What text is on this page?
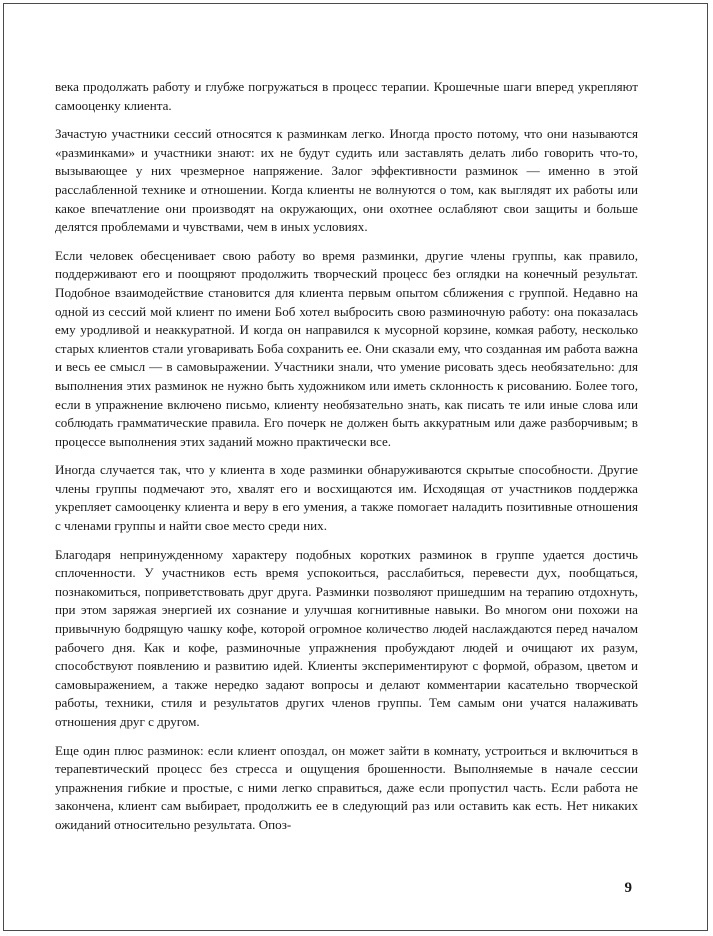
века продолжать работу и глубже погружаться в процесс терапии. Крошечные шаги вперед укрепляют самооценку клиента.

Зачастую участники сессий относятся к разминкам легко. Иногда просто потому, что они называются «разминками» и участники знают: их не будут судить или заставлять делать либо говорить что-то, вызывающее у них чрезмерное напряжение. Залог эффективности разминок — именно в этой расслабленной технике и отношении. Когда клиенты не волнуются о том, как выглядят их работы или какое впечатление они производят на окружающих, они охотнее ослабляют свои защиты и больше делятся проблемами и чувствами, чем в иных условиях.

Если человек обесценивает свою работу во время разминки, другие члены группы, как правило, поддерживают его и поощряют продолжить творческий процесс без оглядки на конечный результат. Подобное взаимодействие становится для клиента первым опытом сближения с группой. Недавно на одной из сессий мой клиент по имени Боб хотел выбросить свою разминочную работу: она показалась ему уродливой и неаккуратной. И когда он направился к мусорной корзине, комкая работу, несколько старых клиентов стали уговаривать Боба сохранить ее. Они сказали ему, что созданная им работа важна и весь ее смысл — в самовыражении. Участники знали, что умение рисовать здесь необязательно: для выполнения этих разминок не нужно быть художником или иметь склонность к рисованию. Более того, если в упражнение включено письмо, клиенту необязательно знать, как писать те или иные слова или соблюдать грамматические правила. Его почерк не должен быть аккуратным или даже разборчивым; в процессе выполнения этих заданий можно практически все.

Иногда случается так, что у клиента в ходе разминки обнаруживаются скрытые способности. Другие члены группы подмечают это, хвалят его и восхищаются им. Исходящая от участников поддержка укрепляет самооценку клиента и веру в его умения, а также помогает наладить позитивные отношения с членами группы и найти свое место среди них.

Благодаря непринужденному характеру подобных коротких разминок в группе удается достичь сплоченности. У участников есть время успокоиться, расслабиться, перевести дух, пообщаться, познакомиться, поприветствовать друг друга. Разминки позволяют пришедшим на терапию отдохнуть, при этом заряжая энергией их сознание и улучшая когнитивные навыки. Во многом они похожи на привычную бодрящую чашку кофе, которой огромное количество людей наслаждаются перед началом рабочего дня. Как и кофе, разминочные упражнения пробуждают людей и очищают их разум, способствуют появлению и развитию идей. Клиенты экспериментируют с формой, образом, цветом и самовыражением, а также нередко задают вопросы и делают комментарии касательно творческой работы, техники, стиля и результатов других членов группы. Тем самым они учатся налаживать отношения друг с другом.

Еще один плюс разминок: если клиент опоздал, он может зайти в комнату, устроиться и включиться в терапевтический процесс без стресса и ощущения брошенности. Выполняемые в начале сессии упражнения гибкие и простые, с ними легко справиться, даже если пропустил часть. Если работа не закончена, клиент сам выбирает, продолжить ее в следующий раз или оставить как есть. Нет никаких ожиданий относительно результата. Опоз-

9
